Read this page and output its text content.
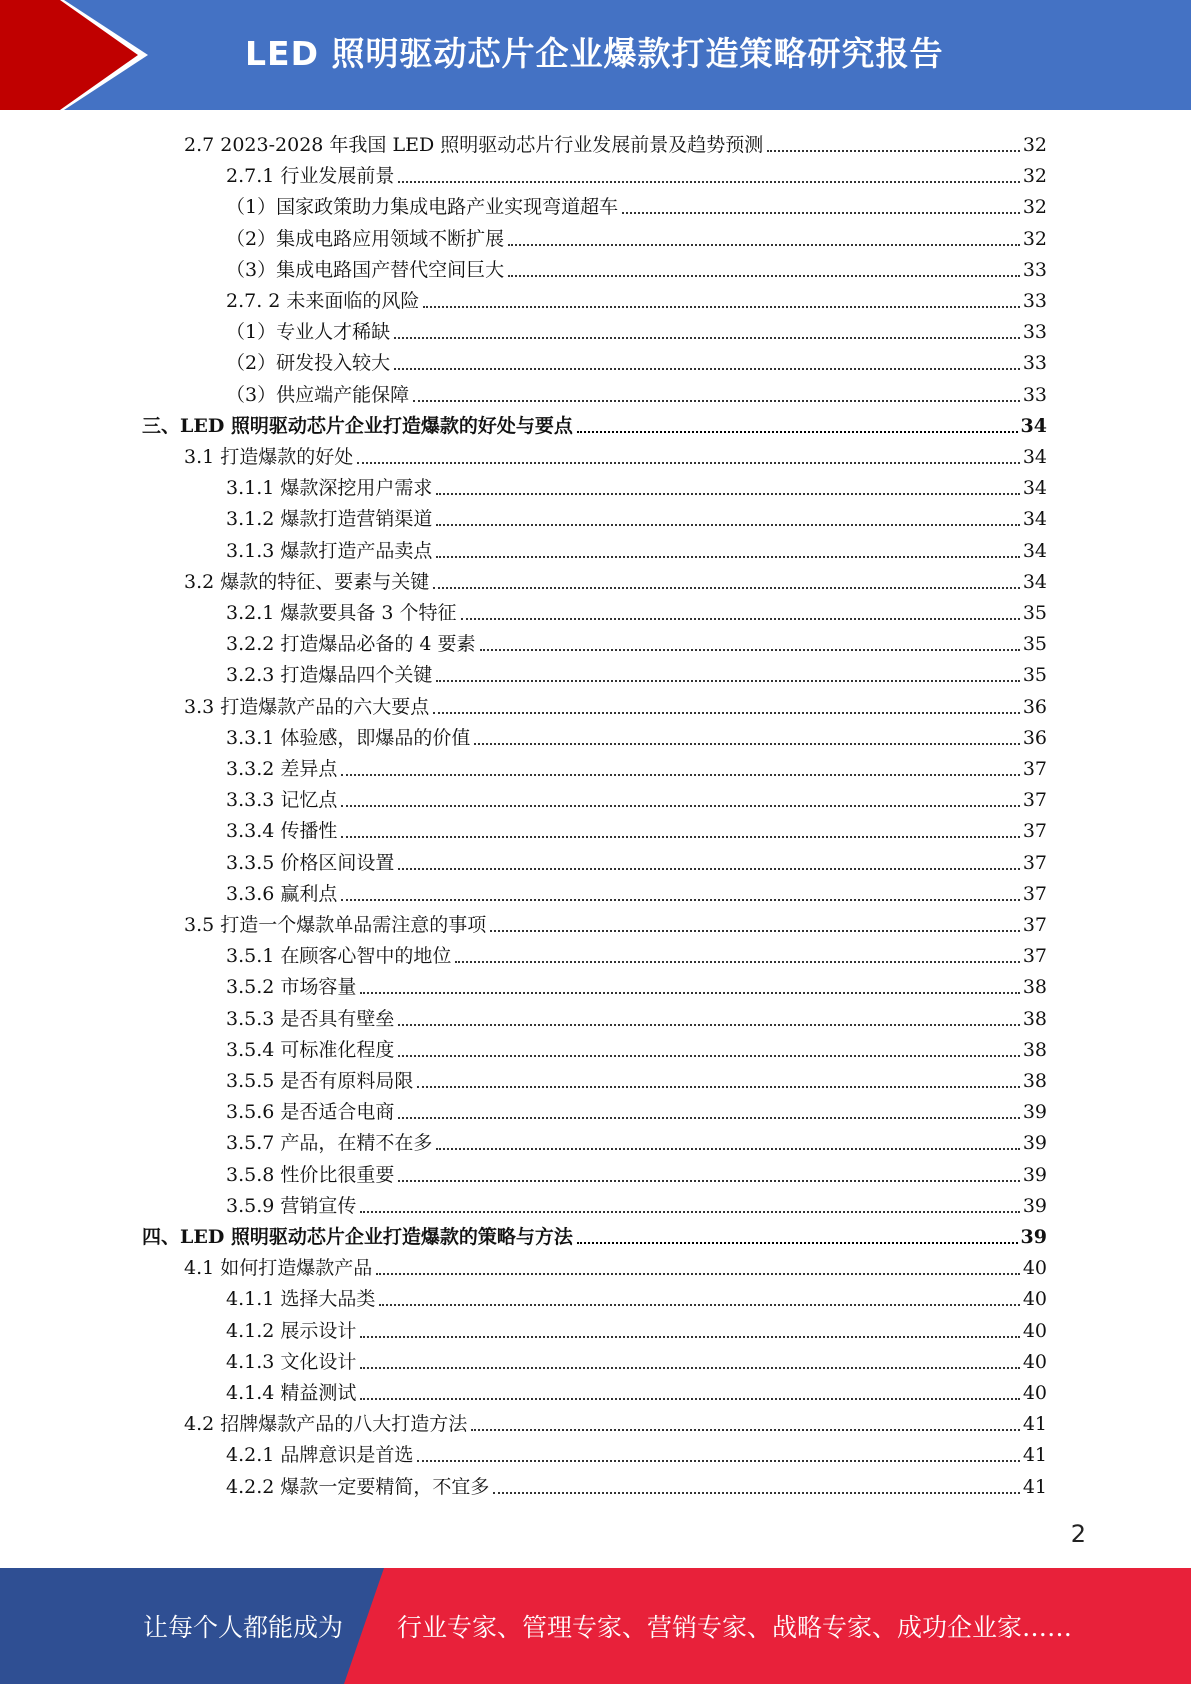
LED 照明驱动芯片企业爆款打造策略研究报告
2.7 2023-2028 年我国 LED 照明驱动芯片行业发展前景及趋势预测	32
2.7.1 行业发展前景	32
（1）国家政策助力集成电路产业实现弯道超车	32
（2）集成电路应用领域不断扩展	32
（3）集成电路国产替代空间巨大	33
2.7. 2 未来面临的风险	33
（1）专业人才稀缺	33
（2）研发投入较大	33
（3）供应端产能保障	33
三、LED 照明驱动芯片企业打造爆款的好处与要点	34
3.1 打造爆款的好处	34
3.1.1 爆款深挖用户需求	34
3.1.2 爆款打造营销渠道	34
3.1.3 爆款打造产品卖点	34
3.2 爆款的特征、要素与关键	34
3.2.1 爆款要具备 3 个特征	35
3.2.2 打造爆品必备的 4 要素	35
3.2.3 打造爆品四个关键	35
3.3 打造爆款产品的六大要点	36
3.3.1 体验感，即爆品的价值	36
3.3.2 差异点	37
3.3.3 记忆点	37
3.3.4 传播性	37
3.3.5 价格区间设置	37
3.3.6 赢利点	37
3.5 打造一个爆款单品需注意的事项	37
3.5.1 在顾客心智中的地位	37
3.5.2 市场容量	38
3.5.3 是否具有壁垒	38
3.5.4 可标准化程度	38
3.5.5 是否有原料局限	38
3.5.6 是否适合电商	39
3.5.7 产品，在精不在多	39
3.5.8 性价比很重要	39
3.5.9 营销宣传	39
四、LED 照明驱动芯片企业打造爆款的策略与方法	39
4.1 如何打造爆款产品	40
4.1.1 选择大品类	40
4.1.2 展示设计	40
4.1.3 文化设计	40
4.1.4 精益测试	40
4.2 招牌爆款产品的八大打造方法	41
4.2.1 品牌意识是首选	41
4.2.2 爆款一定要精简，不宜多	41
2
让每个人都能成为 行业专家、管理专家、营销专家、战略专家、成功企业家……
